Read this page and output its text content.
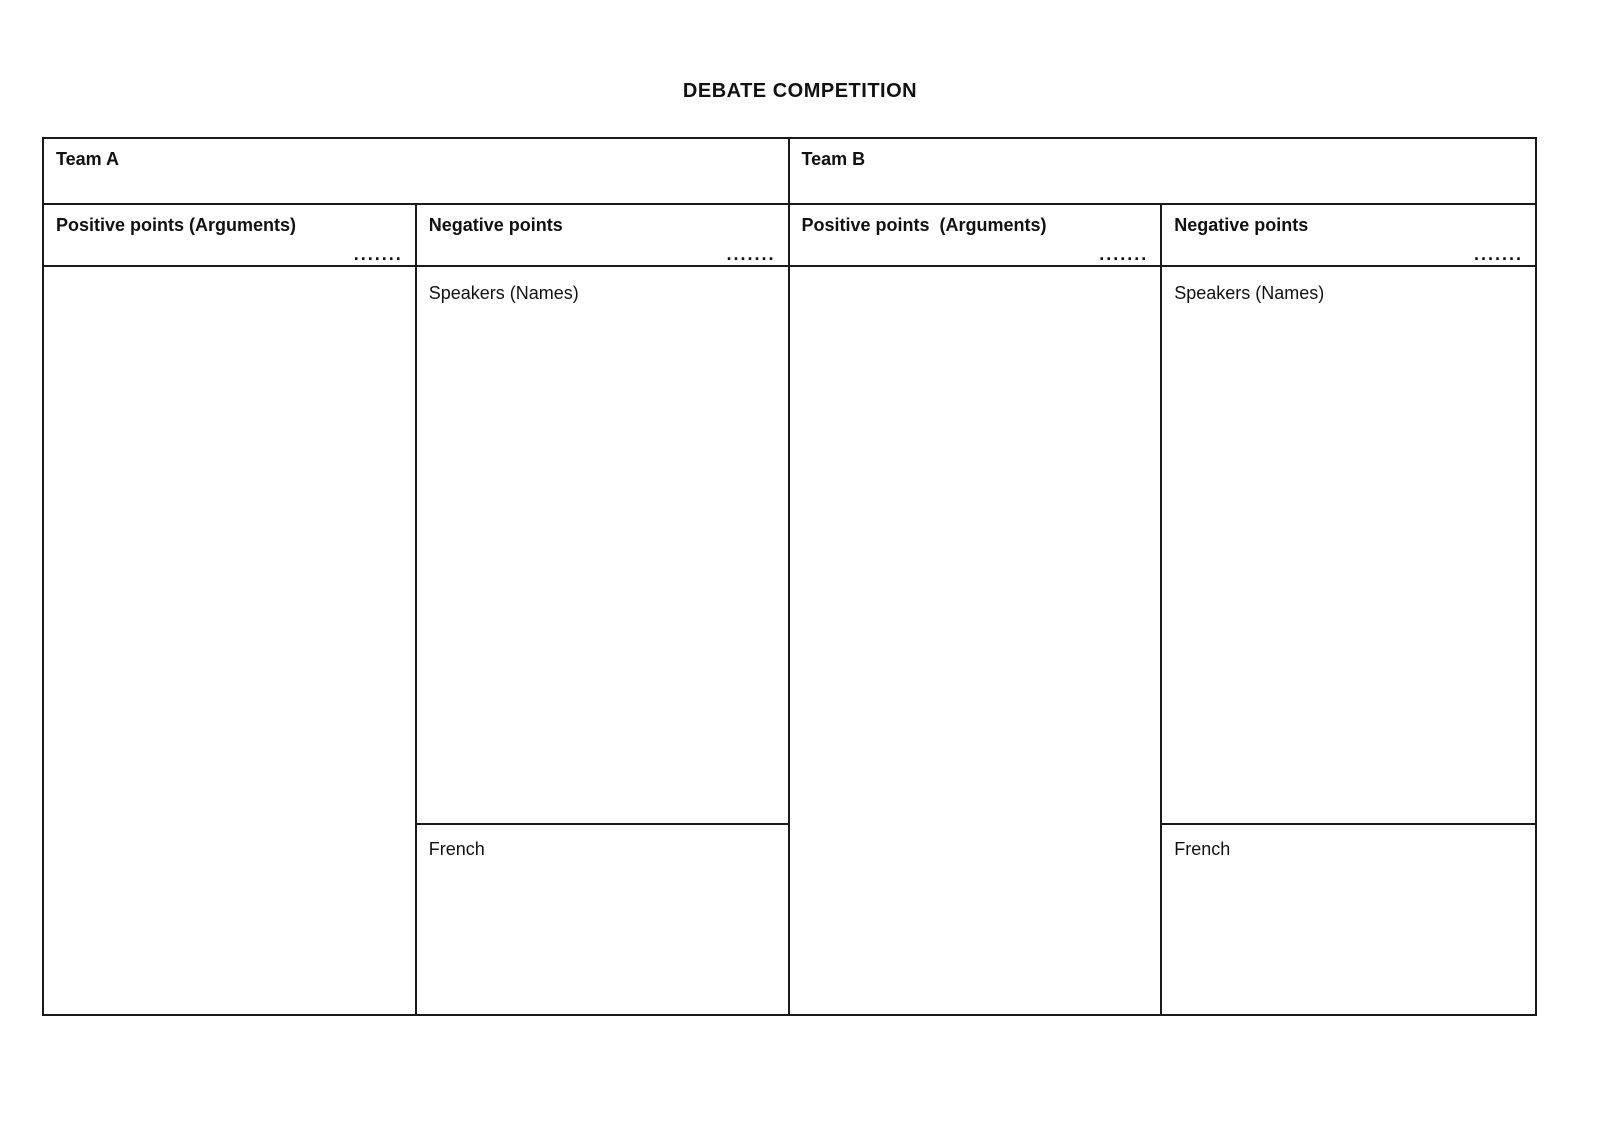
DEBATE COMPETITION
Team A	Team B
Positive points (Arguments)
.......
Negative points
.......
Positive points  (Arguments)
.......
Negative points
.......
Speakers (Names)
French
Speakers (Names)
French
